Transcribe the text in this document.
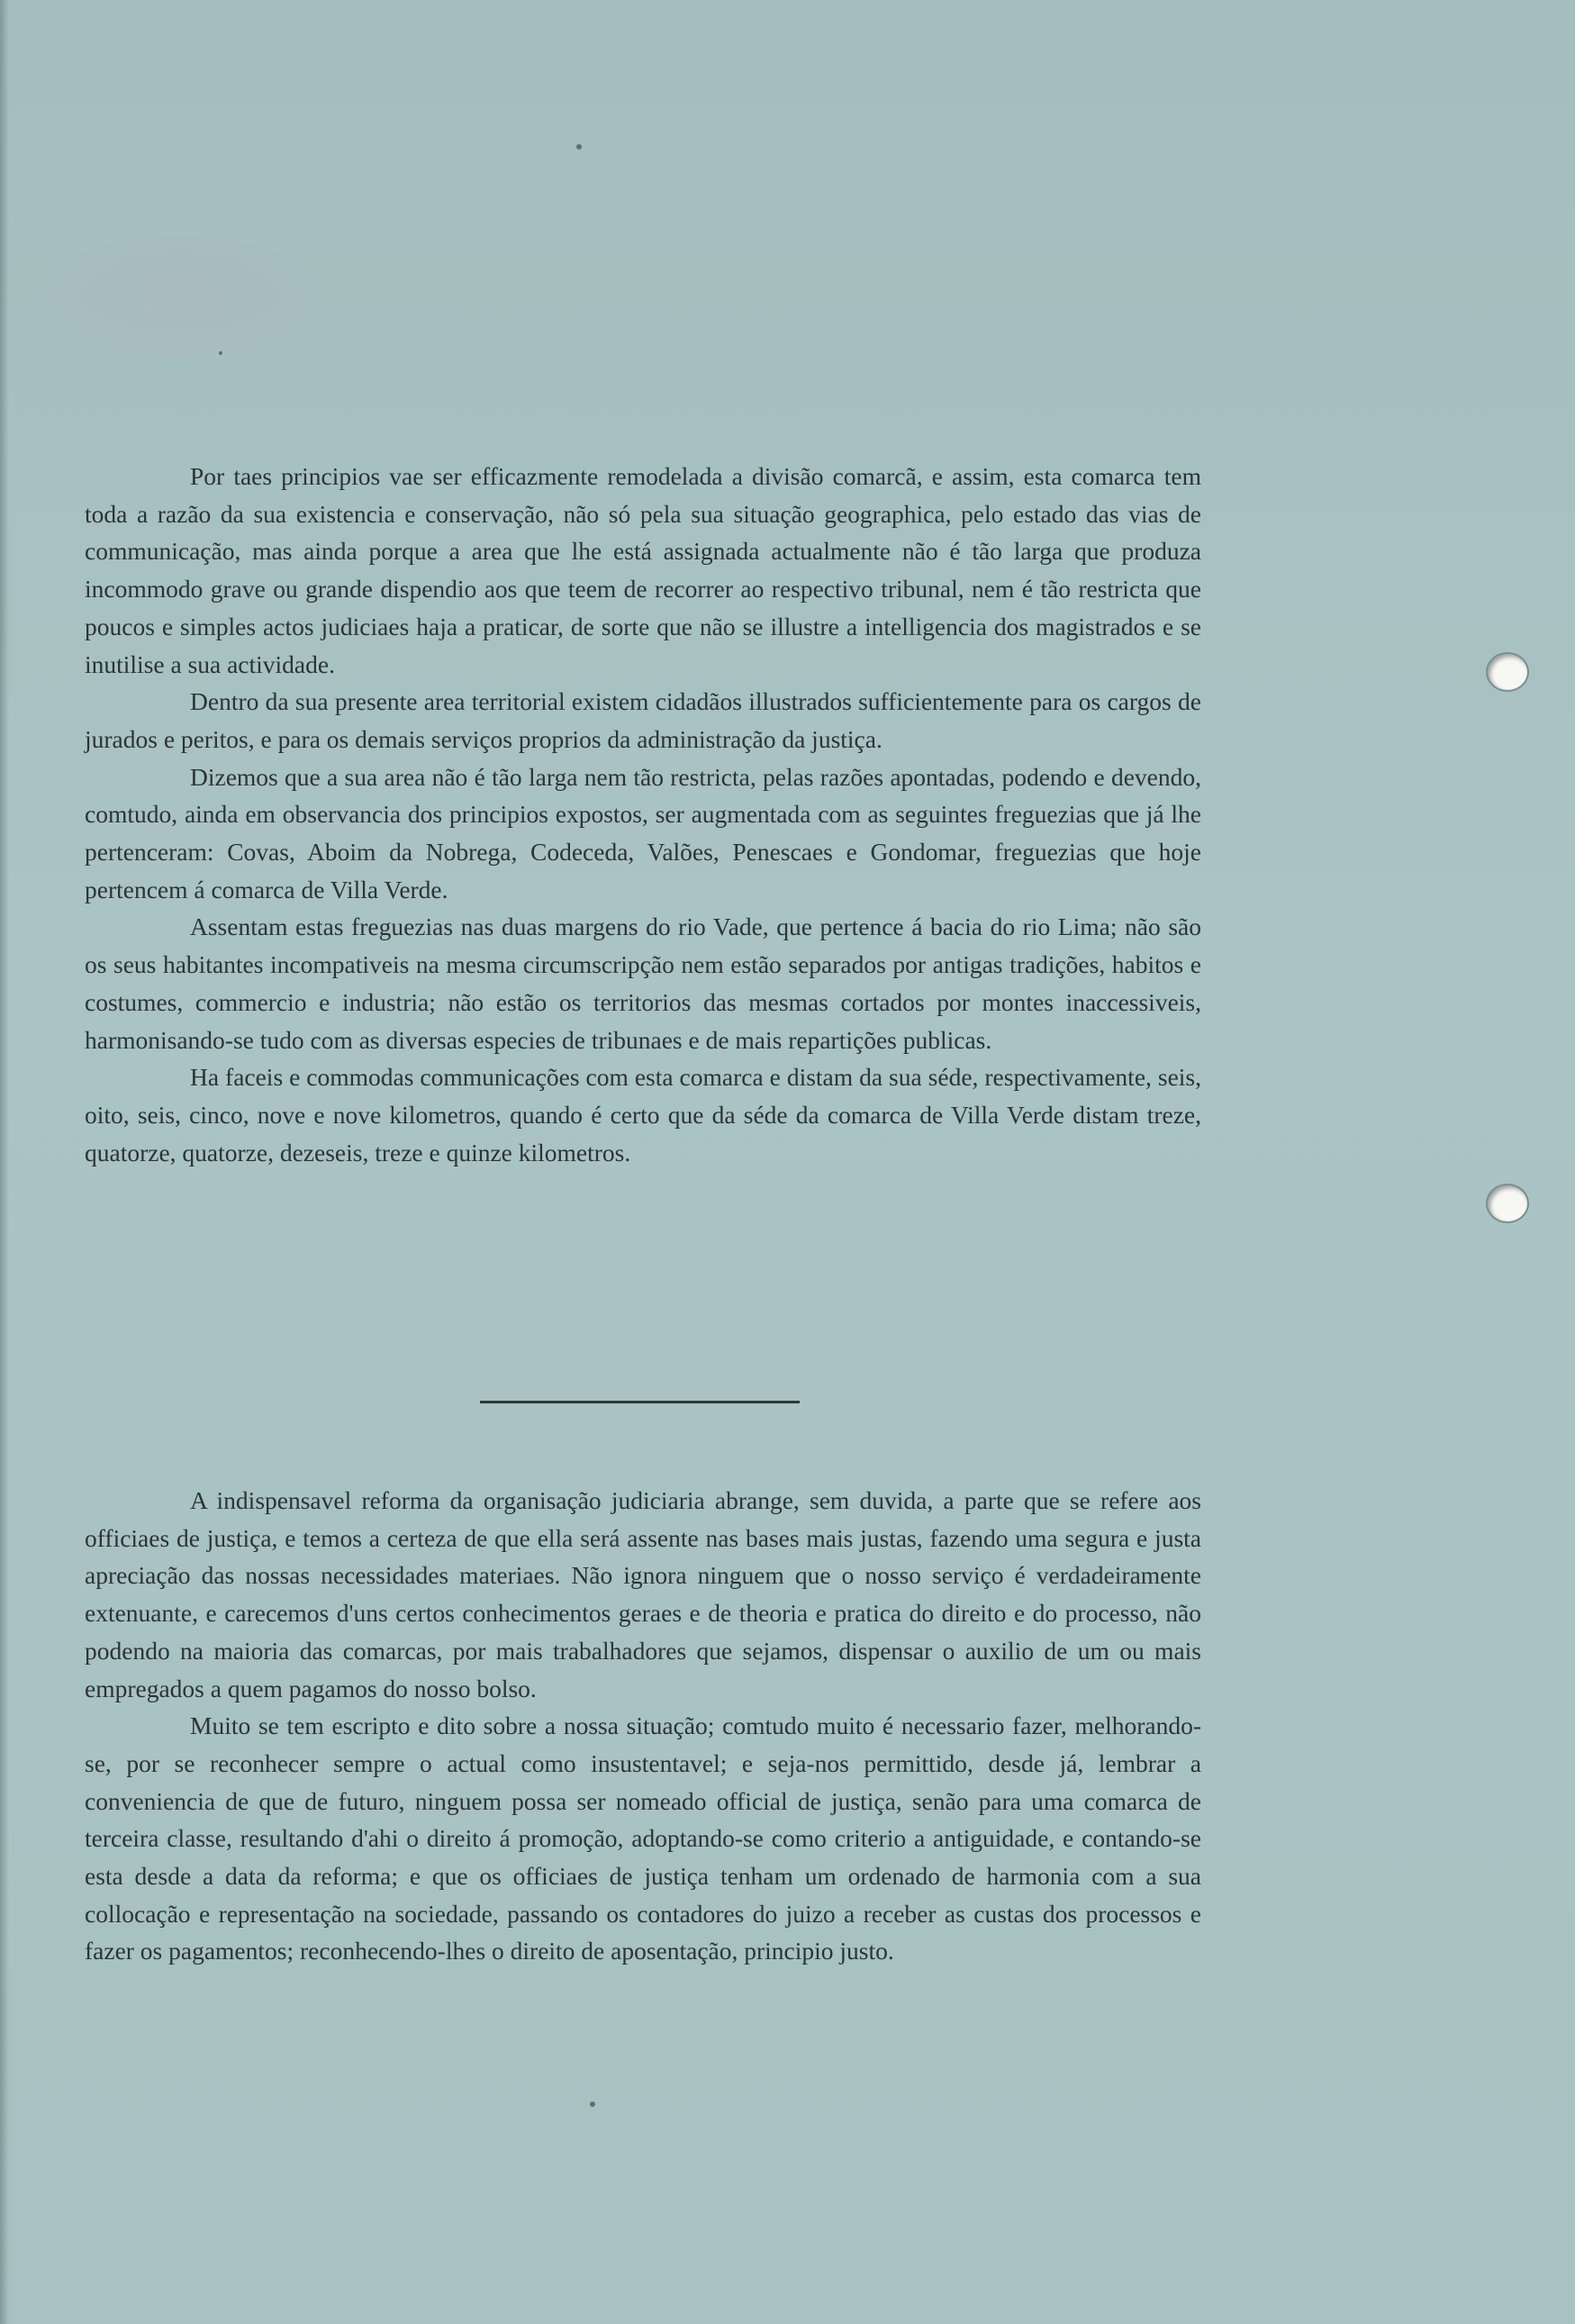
Por taes principios vae ser efficazmente remodelada a divisão comarcã, e assim, esta comarca tem toda a razão da sua existencia e conservação, não só pela sua situação geographica, pelo estado das vias de communicação, mas ainda porque a area que lhe está assignada actualmente não é tão larga que produza incommodo grave ou grande dispendio aos que teem de recorrer ao respectivo tribunal, nem é tão restricta que poucos e simples actos judiciaes haja a praticar, de sorte que não se illustre a intelligencia dos magistrados e se inutilise a sua actividade.

Dentro da sua presente area territorial existem cidadãos illustrados sufficientemente para os cargos de jurados e peritos, e para os demais serviços proprios da administração da justiça.

Dizemos que a sua area não é tão larga nem tão restricta, pelas razões apontadas, podendo e devendo, comtudo, ainda em observancia dos principios expostos, ser augmentada com as seguintes freguezias que já lhe pertenceram: Covas, Aboim da Nobrega, Codeceda, Valões, Penescaes e Gondomar, freguezias que hoje pertencem á comarca de Villa Verde.

Assentam estas freguezias nas duas margens do rio Vade, que pertence á bacia do rio Lima; não são os seus habitantes incompativeis na mesma circumscripção nem estão separados por antigas tradições, habitos e costumes, commercio e industria; não estão os territorios das mesmas cortados por montes inaccessiveis, harmonisando-se tudo com as diversas especies de tribunaes e de mais repartições publicas.

Ha faceis e commodas communicações com esta comarca e distam da sua séde, respectivamente, seis, oito, seis, cinco, nove e nove kilometros, quando é certo que da séde da comarca de Villa Verde distam treze, quatorze, quatorze, dezeseis, treze e quinze kilometros.

A indispensavel reforma da organisação judiciaria abrange, sem duvida, a parte que se refere aos officiaes de justiça, e temos a certeza de que ella será assente nas bases mais justas, fazendo uma segura e justa apreciação das nossas necessidades materiaes. Não ignora ninguem que o nosso serviço é verdadeiramente extenuante, e carecemos d'uns certos conhecimentos geraes e de theoria e pratica do direito e do processo, não podendo na maioria das comarcas, por mais trabalhadores que sejamos, dispensar o auxilio de um ou mais empregados a quem pagamos do nosso bolso.

Muito se tem escripto e dito sobre a nossa situação; comtudo muito é necessario fazer, melhorando-se, por se reconhecer sempre o actual como insustentavel; e seja-nos permittido, desde já, lembrar a conveniencia de que de futuro, ninguem possa ser nomeado official de justiça, senão para uma comarca de terceira classe, resultando d'ahi o direito á promoção, adoptando-se como criterio a antiguidade, e contando-se esta desde a data da reforma; e que os officiaes de justiça tenham um ordenado de harmonia com a sua collocação e representação na sociedade, passando os contadores do juizo a receber as custas dos processos e fazer os pagamentos; reconhecendo-lhes o direito de aposentação, principio justo.
